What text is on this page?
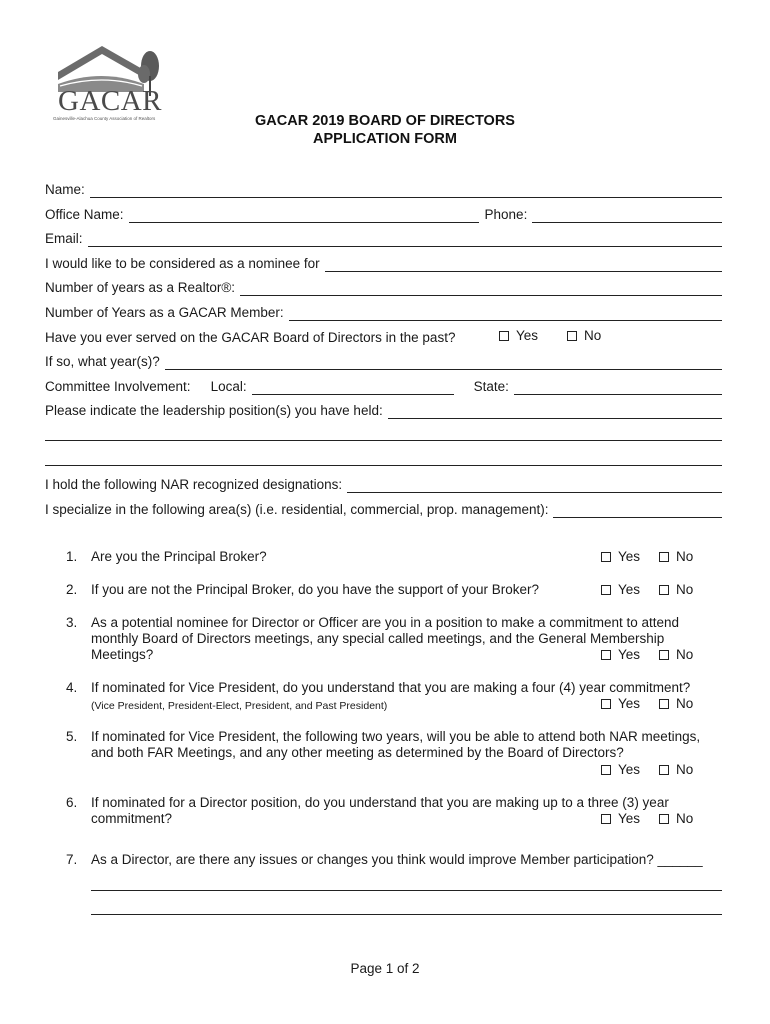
GACAR
Gainesville-Alachua County Association of Realtors	GACAR 2019 BOARD OF DIRECTORS
APPLICATION FORM
Name:
Office Name:	Phone:
Email:
I would like to be considered as a nominee for
Number of years as a Realtor®:
Number of Years as a GACAR Member:
Have you ever served on the GACAR Board of Directors in the past?	Yes	No
If so, what year(s)?
Committee Involvement: Local:	State:
Please indicate the leadership position(s) you have held:
I hold the following NAR recognized designations:
I specialize in the following area(s) (i.e. residential, commercial, prop. management):
1. Are you the Principal Broker?	Yes	No
2. If you are not the Principal Broker, do you have the support of your Broker?	Yes	No
3. As a potential nominee for Director or Officer are you in a position to make a commitment to attend
monthly Board of Directors meetings, any special called meetings, and the General Membership
Meetings?	Yes	No
4. If nominated for Vice President, do you understand that you are making a four (4) year commitment?
(Vice President, President-Elect, President, and Past President)	Yes	No
5. If nominated for Vice President, the following two years, will you be able to attend both NAR meetings,
and both FAR Meetings, and any other meeting as determined by the Board of Directors?
Yes	No
6. If nominated for a Director position, do you understand that you are making up to a three (3) year
commitment?	Yes	No
7. As a Director, are there any issues or changes you think would improve Member participation? ______
Page 1 of 2
